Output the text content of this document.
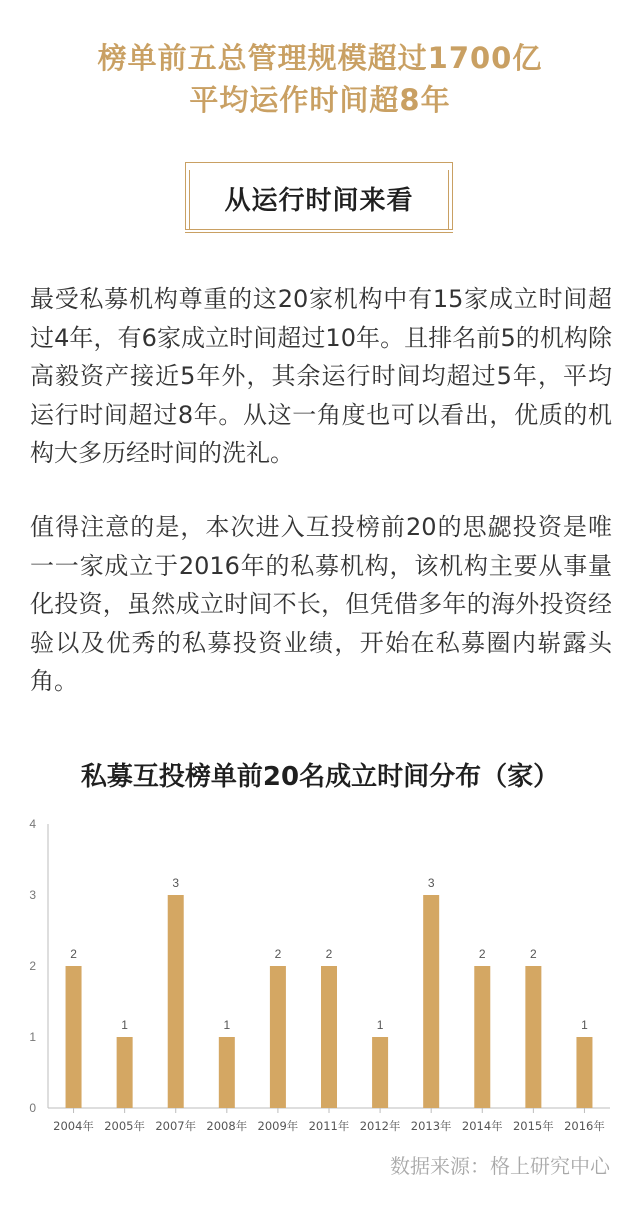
榜单前五总管理规模超过1700亿
平均运作时间超8年
从运行时间来看
最受私募机构尊重的这20家机构中有15家成立时间超过4年，有6家成立时间超过10年。且排名前5的机构除高毅资产接近5年外，其余运行时间均超过5年，平均运行时间超过8年。从这一角度也可以看出，优质的机构大多历经时间的洗礼。
值得注意的是，本次进入互投榜前20的思勰投资是唯一一家成立于2016年的私募机构，该机构主要从事量化投资，虽然成立时间不长，但凭借多年的海外投资经验以及优秀的私募投资业绩，开始在私募圈内崭露头角。
私募互投榜单前20名成立时间分布（家）
0
1
2
3
4
2
2004年
1
2005年
3
2007年
1
2008年
2
2009年
2
2011年
1
2012年
3
2013年
2
2014年
2
2015年
1
2016年
数据来源：格上研究中心
